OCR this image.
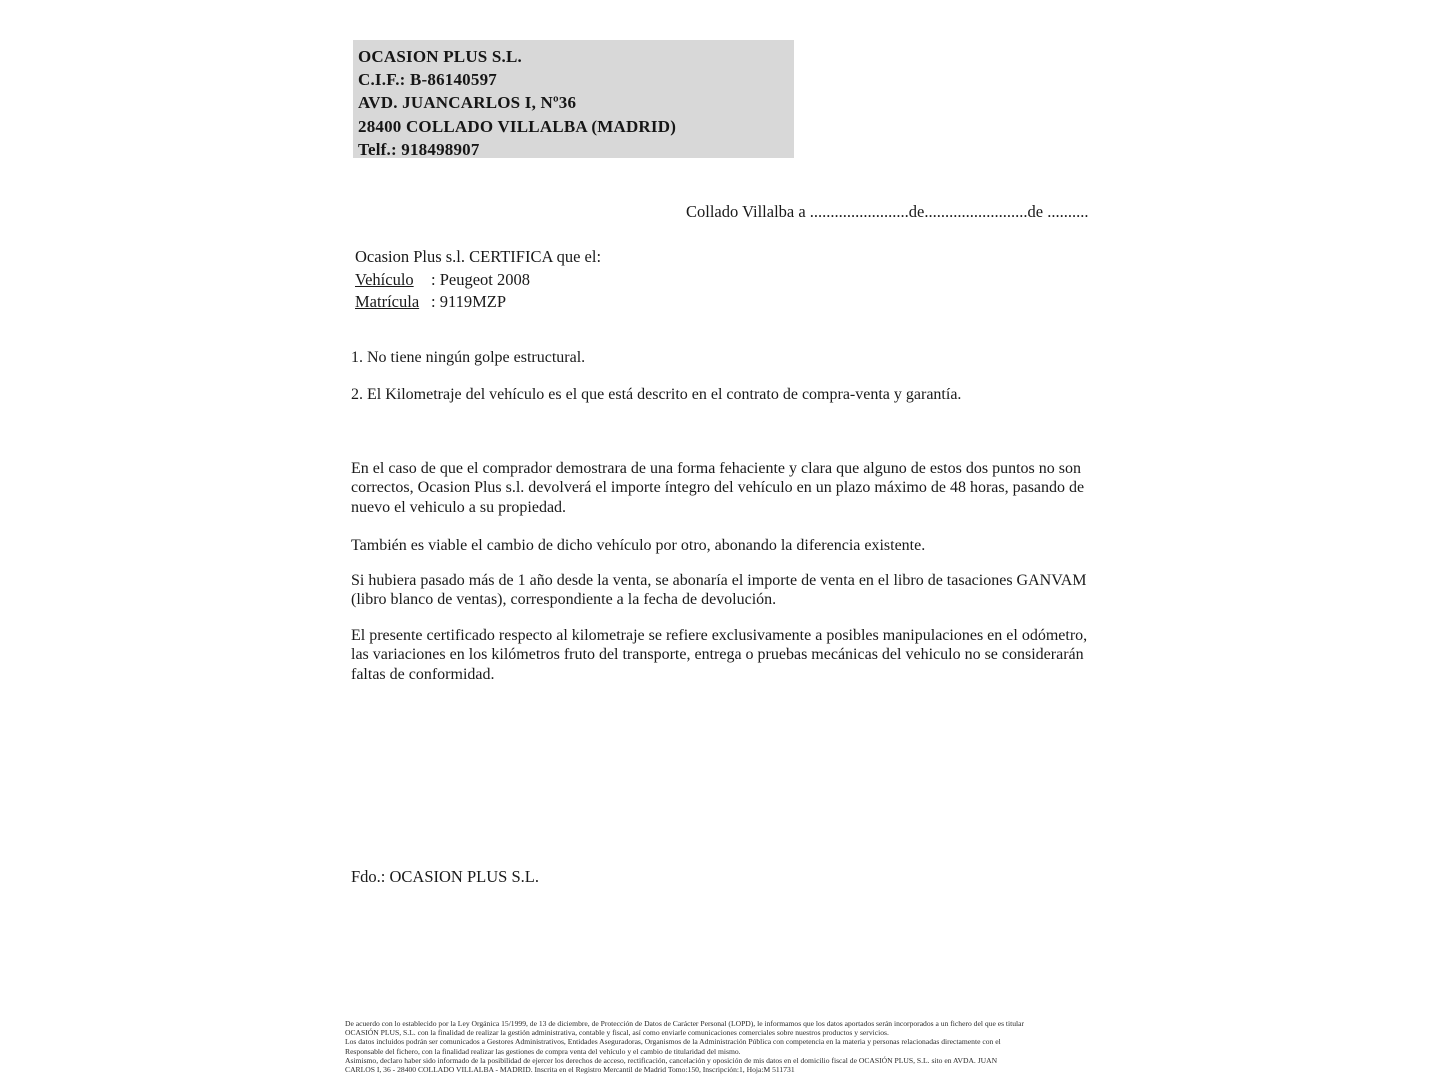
OCASION PLUS S.L.
C.I.F.: B-86140597
AVD. JUANCARLOS I, Nº36
28400 COLLADO VILLALBA (MADRID)
Telf.: 918498907
Collado Villalba a ........................de.........................de ..........
Ocasion Plus s.l. CERTIFICA que el:
Vehículo : Peugeot 2008
Matrícula : 9119MZP
1. No tiene ningún golpe estructural.
2. El Kilometraje del vehículo es el que está descrito en el contrato de compra-venta y garantía.
En el caso de que el comprador demostrara de una forma fehaciente y clara que alguno de estos dos puntos no son correctos, Ocasion Plus s.l. devolverá el importe íntegro del vehículo en un plazo máximo de 48 horas, pasando de nuevo el vehiculo a su propiedad.
También es viable el cambio de dicho vehículo por otro, abonando la diferencia existente.
Si hubiera pasado más de 1 año desde la venta, se abonaría el importe de venta en el libro de tasaciones GANVAM (libro blanco de ventas), correspondiente a la fecha de devolución.
El presente certificado respecto al kilometraje se refiere exclusivamente a posibles manipulaciones en el odómetro, las variaciones en los kilómetros fruto del transporte, entrega o pruebas mecánicas del vehiculo no se considerarán faltas de conformidad.
Fdo.: OCASION PLUS S.L.
De acuerdo con lo establecido por la Ley Orgánica 15/1999, de 13 de diciembre, de Protección de Datos de Carácter Personal (LOPD), le informamos que los datos aportados serán incorporados a un fichero del que es titular
OCASIÓN PLUS, S.L. con la finalidad de realizar la gestión administrativa, contable y fiscal, así como enviarle comunicaciones comerciales sobre nuestros productos y servicios.
Los datos incluidos podrán ser comunicados a Gestores Administrativos, Entidades Aseguradoras, Organismos de la Administración Pública con competencia en la materia y personas relacionadas directamente con el
Responsable del fichero, con la finalidad realizar las gestiones de compra venta del vehículo y el cambio de titularidad del mismo.
Asimismo, declaro haber sido informado de la posibilidad de ejercer los derechos de acceso, rectificación, cancelación y oposición de mis datos en el domicilio fiscal de OCASIÓN PLUS, S.L. sito en AVDA. JUAN
CARLOS I, 36 - 28400 COLLADO VILLALBA - MADRID. Inscrita en el Registro Mercantil de Madrid Tomo:150, Inscripción:1, Hoja:M 511731
